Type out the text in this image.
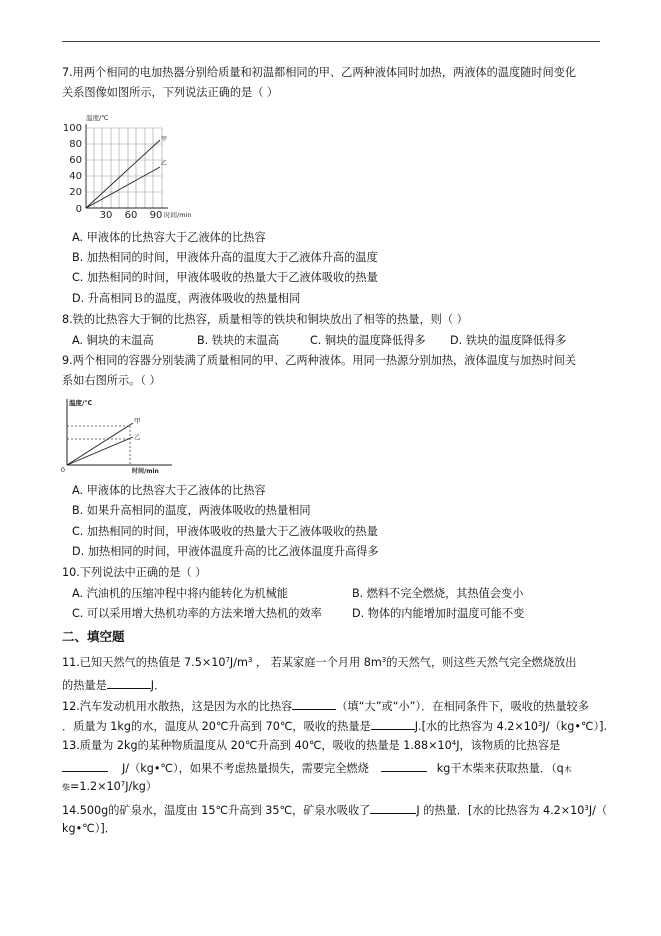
7.用两个相同的电加热器分别给质量和初温都相同的甲、乙两种液体同时加热，两液体的温度随时间变化
关系图像如图所示，下列说法正确的是（ ）
温度/℃
甲
乙
100
80
60
40
20
0
30 60 90 时间/min
A. 甲液体的比热容大于乙液体的比热容
B. 加热相同的时间，甲液体升高的温度大于乙液体升高的温度
C. 加热相同的时间，甲液体吸收的热量大于乙液体吸收的热量
D. 升高相同Ｂ的温度，两液体吸收的热量相同
8.铁的比热容大于铜的比热容，质量相等的铁块和铜块放出了相等的热量，则（ ）
A. 铜块的末温高	B. 铁块的末温高	C. 铜块的温度降低得多 D. 铁块的温度降低得多
9.两个相同的容器分别装满了质量相同的甲、乙两种液体。用同一热源分别加热，液体温度与加热时间关
系如右图所示。（ ）
温度/℃
甲
乙
0	时间/min
A. 甲液体的比热容大于乙液体的比热容
B. 如果升高相同的温度，两液体吸收的热量相同
C. 加热相同的时间，甲液体吸收的热量大于乙液体吸收的热量
D. 加热相同的时间，甲液体温度升高的比乙液体温度升高得多
10.下列说法中正确的是（ ）
A. 汽油机的压缩冲程中将内能转化为机械能	B. 燃料不完全燃烧，其热值会变小
C. 可以采用增大热机功率的方法来增大热机的效率	D. 物体的内能增加时温度可能不变
二、填空题
11.已知天然气的热值是 $7.5\times 10^7J/m^3$ ， 若某家庭一个月用 $8m^3$的天然气，则这些天然气完全燃烧放出
的热量是	J．
12.汽车发动机用水散热，这是因为水的比热容	（填“大”或“小”）．在相同条件下，吸收的热量较多
．质量为 1kg的水，温度从 20℃升高到 70℃，吸收的热量是	J.[水的比热容为 $4.2\times 10^3J/(kg•℃)$].
13.质量为 2kg的某种物质温度从 20℃升高到 40℃，吸收的热量是 $1.88\times 10^4J$，该物质的比热容是
J/（kg•℃），如果不考虑热量损失，需要完全燃烧	kg干木柴来获取热量．（q木
柴$=1.2\times 10^7J/kg$）
14.500g的矿泉水，温度由 15℃升高到 35℃，矿泉水吸收了	J 的热量．[水的比热容为 $4.2\times 10^3J/$（
kg•℃）]．
